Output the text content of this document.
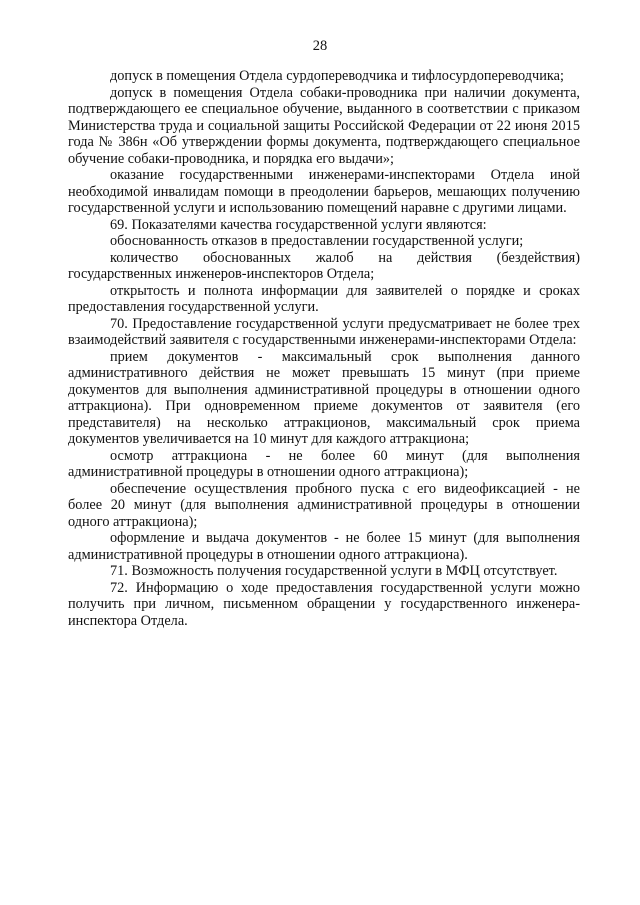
28

допуск в помещения Отдела сурдопереводчика и тифлосурдопереводчика;

допуск в помещения Отдела собаки-проводника при наличии документа, подтверждающего ее специальное обучение, выданного в соответствии с приказом Министерства труда и социальной защиты Российской Федерации от 22 июня 2015 года № 386н «Об утверждении формы документа, подтверждающего специальное обучение собаки-проводника, и порядка его выдачи»;

оказание государственными инженерами-инспекторами Отдела иной необходимой инвалидам помощи в преодолении барьеров, мешающих получению государственной услуги и использованию помещений наравне с другими лицами.

69. Показателями качества государственной услуги являются:

обоснованность отказов в предоставлении государственной услуги;

количество обоснованных жалоб на действия (бездействия) государственных инженеров-инспекторов Отдела;

открытость и полнота информации для заявителей о порядке и сроках предоставления государственной услуги.

70. Предоставление государственной услуги предусматривает не более трех взаимодействий заявителя с государственными инженерами-инспекторами Отдела:

прием документов - максимальный срок выполнения данного административного действия не может превышать 15 минут (при приеме документов для выполнения административной процедуры в отношении одного аттракциона). При одновременном приеме документов от заявителя (его представителя) на несколько аттракционов, максимальный срок приема документов увеличивается на 10 минут для каждого аттракциона;

осмотр аттракциона - не более 60 минут (для выполнения административной процедуры в отношении одного аттракциона);

обеспечение осуществления пробного пуска с его видеофиксацией - не более 20 минут (для выполнения административной процедуры в отношении одного аттракциона);

оформление и выдача документов - не более 15 минут (для выполнения административной процедуры в отношении одного аттракциона).

71. Возможность получения государственной услуги в МФЦ отсутствует.

72. Информацию о ходе предоставления государственной услуги можно получить при личном, письменном обращении у государственного инженера-инспектора Отдела.
